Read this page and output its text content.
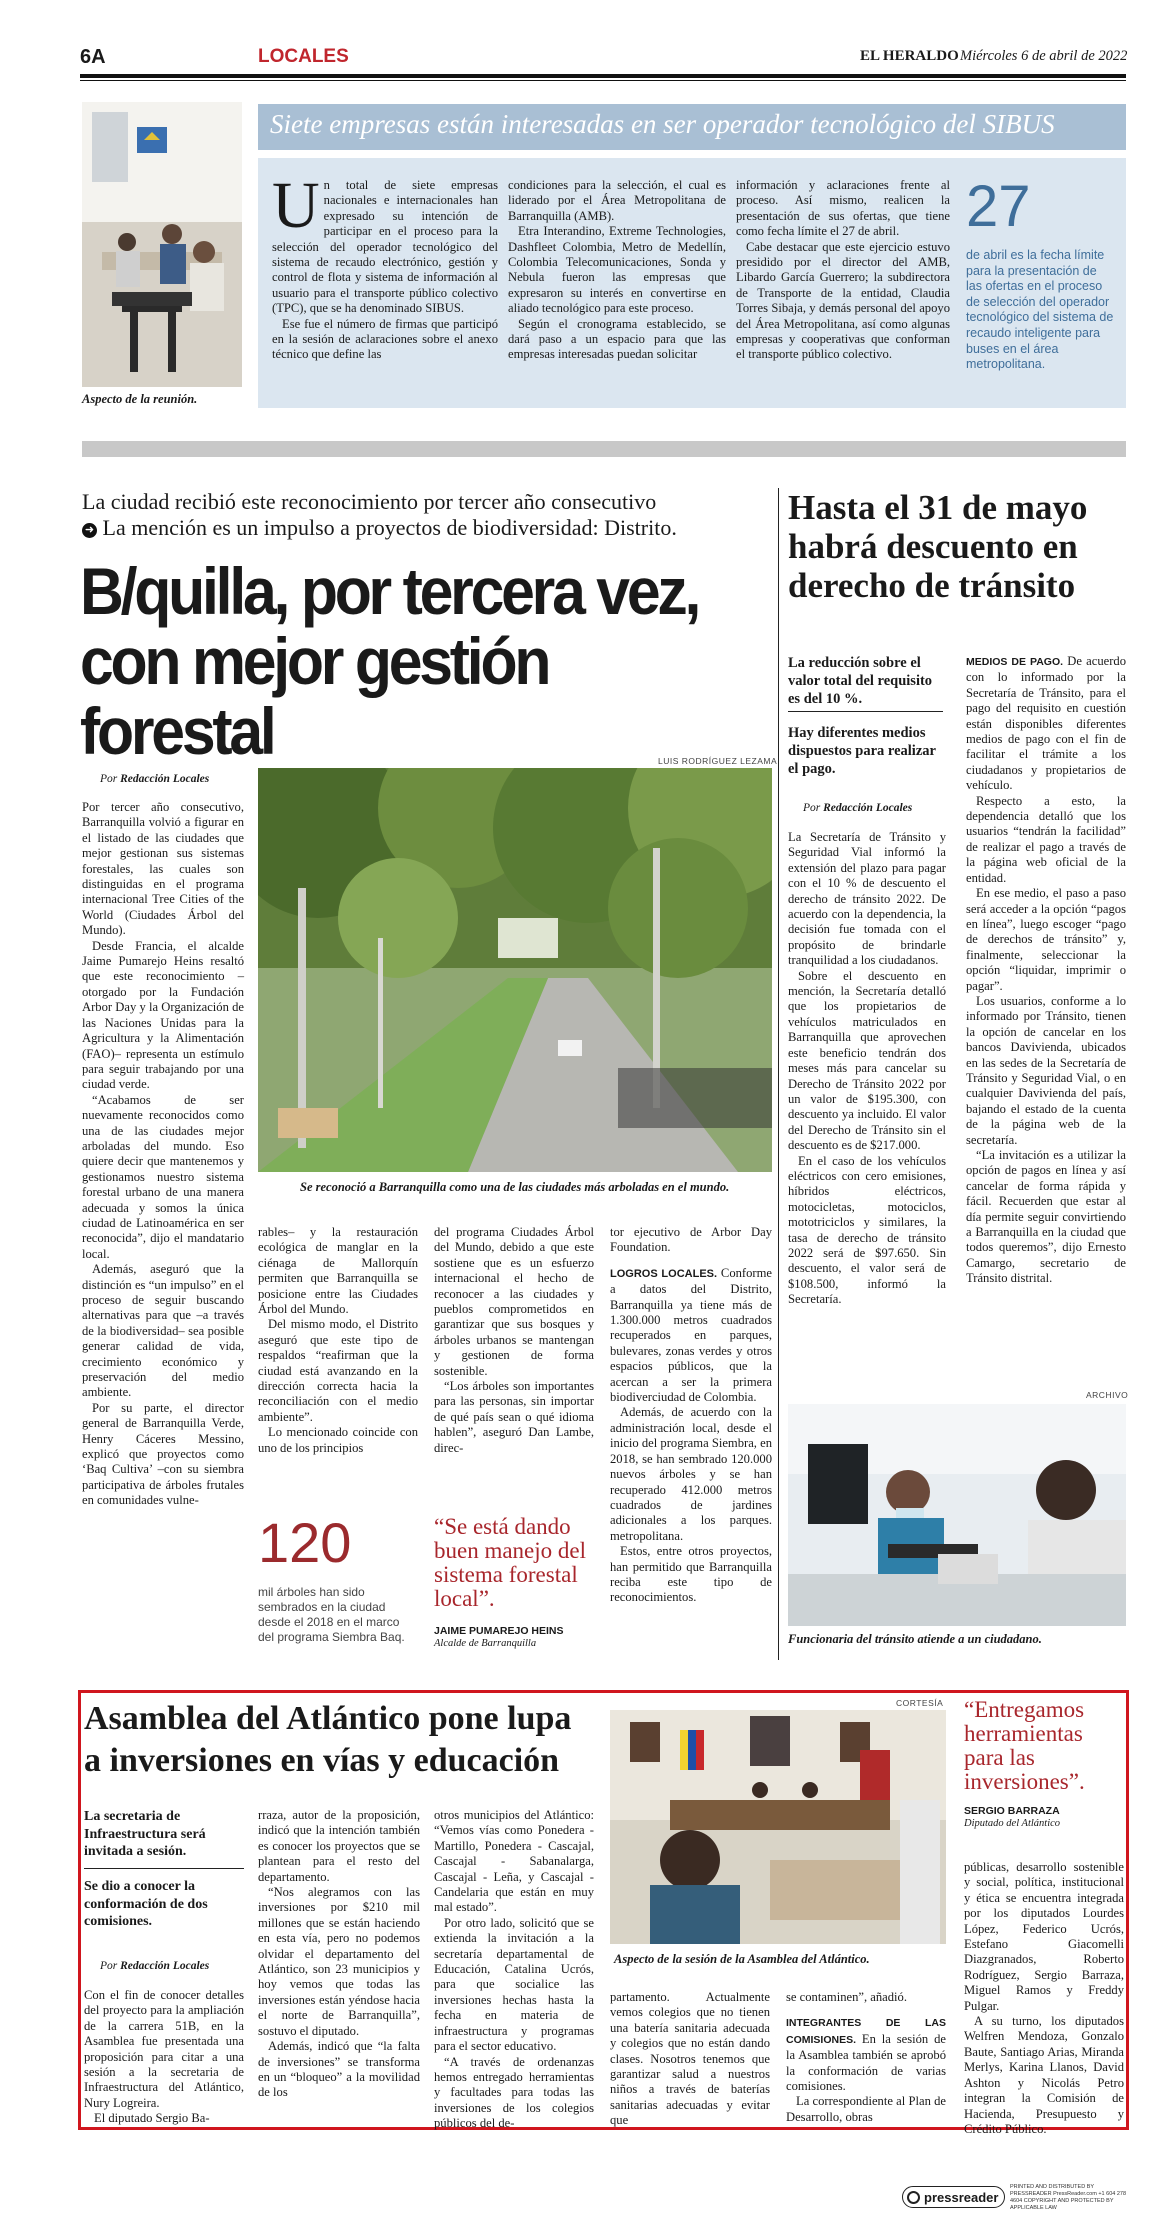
6A	LOCALES	EL HERALDO Miércoles 6 de abril de 2022
Aspecto de la reunión.
Siete empresas están interesadas en ser operador tecnológico del SIBUS
U n total de siete empresas nacionales e internacionales han expresado su intención de participar en el proceso para la selección del operador tecnológico del sistema de recaudo electrónico, gestión y control de flota y sistema de información al usuario para el transporte público colectivo (TPC), que se ha denominado SIBUS.

Ese fue el número de firmas que participó en la sesión de aclaraciones sobre el anexo técnico que define las

condiciones para la selección, el cual es liderado por el Área Metropolitana de Barranquilla (AMB).

Etra Interandino, Extreme Technologies, Dashfleet Colombia, Metro de Medellín, Colombia Telecomunicaciones, Sonda y Nebula fueron las empresas que expresaron su interés en convertirse en aliado tecnológico para este proceso.

Según el cronograma establecido, se dará paso a un espacio para que las empresas interesadas puedan solicitar

información y aclaraciones frente al proceso. Así mismo, realicen la presentación de sus ofertas, que tiene como fecha límite el 27 de abril.

Cabe destacar que este ejercicio estuvo presidido por el director del AMB, Libardo García Guerrero; la subdirectora de Transporte de la entidad, Claudia Torres Sibaja, y demás personal del apoyo del Área Metropolitana, así como algunas empresas y cooperativas que conforman el transporte público colectivo.

27
de abril es la fecha límite para la presentación de las ofertas en el proceso de selección del operador tecnológico del sistema de recaudo inteligente para buses en el área metropolitana.
La ciudad recibió este reconocimiento por tercer año consecutivo
➜ La mención es un impulso a proyectos de biodiversidad: Distrito.
B/quilla, por tercera vez, con mejor gestión forestal	LUIS RODRÍGUEZ LEZAMA
Se reconoció a Barranquilla como una de las ciudades más arboladas en el mundo.
Por Redacción Locales

Por tercer año consecutivo, Barranquilla volvió a figurar en el listado de las ciudades que mejor gestionan sus sistemas forestales, las cuales son distinguidas en el programa internacional Tree Cities of the World (Ciudades Árbol del Mundo).

Desde Francia, el alcalde Jaime Pumarejo Heins resaltó que este reconocimiento –otorgado por la Fundación Arbor Day y la Organización de las Naciones Unidas para la Agricultura y la Alimentación (FAO)– representa un estímulo para seguir trabajando por una ciudad verde.

“Acabamos de ser nuevamente reconocidos como una de las ciudades mejor arboladas del mundo. Eso quiere decir que mantenemos y gestionamos nuestro sistema forestal urbano de una manera adecuada y somos la única ciudad de Latinoamérica en ser reconocida”, dijo el mandatario local.

Además, aseguró que la distinción es “un impulso” en el proceso de seguir buscando alternativas para que –a través de la biodiversidad– sea posible generar calidad de vida, crecimiento económico y preservación del medio ambiente.

Por su parte, el director general de Barranquilla Verde, Henry Cáceres Messino, explicó que proyectos como ‘Baq Cultiva’ –con su siembra participativa de árboles frutales en comunidades vulne-

rables– y la restauración ecológica de manglar en la ciénaga de Mallorquín permiten que Barranquilla se posicione entre las Ciudades Árbol del Mundo.

Del mismo modo, el Distrito aseguró que este tipo de respaldos “reafirman que la ciudad está avanzando en la dirección correcta hacia la reconciliación con el medio ambiente”.

Lo mencionado coincide con uno de los principios

del programa Ciudades Árbol del Mundo, debido a que este sostiene que es un esfuerzo internacional el hecho de reconocer a las ciudades y pueblos comprometidos en garantizar que sus bosques y árboles urbanos se mantengan y gestionen de forma sostenible.

“Los árboles son importantes para las personas, sin importar de qué país sean o qué idioma hablen”, aseguró Dan Lambe, direc-

tor ejecutivo de Arbor Day Foundation.

LOGROS LOCALES. Conforme a datos del Distrito, Barranquilla ya tiene más de 1.300.000 metros cuadrados recuperados en parques, bulevares, zonas verdes y otros espacios públicos, que la acercan a ser la primera biodiverciudad de Colombia.

Además, de acuerdo con la administración local, desde el inicio del programa Siembra, en 2018, se han sembrado 120.000 nuevos árboles y se han recuperado 412.000 metros cuadrados de jardines adicionales a los parques. metropolitana.

Estos, entre otros proyectos, han permitido que Barranquilla reciba este tipo de reconocimientos.

120
mil árboles han sido sembrados en la ciudad desde el 2018 en el marco del programa Siembra Baq.
“Se está dando buen manejo del sistema forestal local”.
JAIME PUMAREJO HEINS
Alcalde de Barranquilla
Hasta el 31 de mayo habrá descuento en derecho de tránsito
La reducción sobre el valor total del requisito es del 10 %.
Hay diferentes medios dispuestos para realizar el pago.
Por Redacción Locales

La Secretaría de Tránsito y Seguridad Vial informó la extensión del plazo para pagar con el 10 % de descuento el derecho de tránsito 2022. De acuerdo con la dependencia, la decisión fue tomada con el propósito de brindarle tranquilidad a los ciudadanos.

Sobre el descuento en mención, la Secretaría detalló que los propietarios de vehículos matriculados en Barranquilla que aprovechen este beneficio tendrán dos meses más para cancelar su Derecho de Tránsito 2022 por un valor de $195.300, con descuento ya incluido. El valor del Derecho de Tránsito sin el descuento es de $217.000.

En el caso de los vehículos eléctricos con cero emisiones, híbridos eléctricos, motocicletas, motociclos, mototriciclos y similares, la tasa de derecho de tránsito 2022 será de $97.650. Sin descuento, el valor será de $108.500, informó la Secretaría.

MEDIOS DE PAGO. De acuerdo con lo informado por la Secretaría de Tránsito, para el pago del requisito en cuestión están disponibles diferentes medios de pago con el fin de facilitar el trámite a los ciudadanos y propietarios de vehículo.

Respecto a esto, la dependencia detalló que los usuarios “tendrán la facilidad” de realizar el pago a través de la página web oficial de la entidad.

En ese medio, el paso a paso será acceder a la opción “pagos en línea”, luego escoger “pago de derechos de tránsito” y, finalmente, seleccionar la opción “liquidar, imprimir o pagar”.

Los usuarios, conforme a lo informado por Tránsito, tienen la opción de cancelar en los bancos Davivienda, ubicados en las sedes de la Secretaría de Tránsito y Seguridad Vial, o en cualquier Davivienda del país, bajando el estado de la cuenta de la página web de la secretaría.

“La invitación es a utilizar la opción de pagos en línea y así cancelar de forma rápida y fácil. Recuerden que estar al día permite seguir convirtiendo a Barranquilla en la ciudad que todos queremos”, dijo Ernesto Camargo, secretario de Tránsito distrital.

ARCHIVO
Funcionaria del tránsito atiende a un ciudadano.
Asamblea del Atlántico pone lupa a inversiones en vías y educación
La secretaria de Infraestructura será invitada a sesión.
Se dio a conocer la conformación de dos comisiones.
Por Redacción Locales

Con el fin de conocer detalles del proyecto para la ampliación de la carrera 51B, en la Asamblea fue presentada una proposición para citar a una sesión a la secretaria de Infraestructura del Atlántico, Nury Logreira.

El diputado Sergio Ba-

rraza, autor de la proposición, indicó que la intención también es conocer los proyectos que se plantean para el resto del departamento.

“Nos alegramos con las inversiones por $210 mil millones que se están haciendo en esta vía, pero no podemos olvidar el departamento del Atlántico, son 23 municipios y hoy vemos que todas las inversiones están yéndose hacia el norte de Barranquilla”, sostuvo el diputado.

Además, indicó que “la falta de inversiones” se transforma en un “bloqueo” a la movilidad de los

otros municipios del Atlántico: “Vemos vías como Ponedera - Martillo, Ponedera - Cascajal, Cascajal - Sabanalarga, Cascajal - Leña, y Cascajal - Candelaria que están en muy mal estado”.

Por otro lado, solicitó que se extienda la invitación a la secretaría departamental de Educación, Catalina Ucrós, para que socialice las inversiones hechas hasta la fecha en materia de infraestructura y programas para el sector educativo.

“A través de ordenanzas hemos entregado herramientas y facultades para todas las inversiones de los colegios públicos del de-

CORTESÍA
Aspecto de la sesión de la Asamblea del Atlántico.

partamento. Actualmente vemos colegios que no tienen una batería sanitaria adecuada y colegios que no están dando clases. Nosotros tenemos que garantizar salud a nuestros niños a través de baterías sanitarias adecuadas y evitar que

se contaminen”, añadió.

INTEGRANTES DE LAS COMISIONES. En la sesión de la Asamblea también se aprobó la conformación de varias comisiones.

La correspondiente al Plan de Desarrollo, obras

“Entregamos herramientas para las inversiones”.
SERGIO BARRAZA
Diputado del Atlántico

públicas, desarrollo sostenible y social, política, institucional y ética se encuentra integrada por los diputados Lourdes López, Federico Ucrós, Estefano Giacomelli Diazgranados, Roberto Rodríguez, Sergio Barraza, Miguel Ramos y Freddy Pulgar.

A su turno, los diputados Welfren Mendoza, Gonzalo Baute, Santiago Arias, Miranda Merlys, Karina Llanos, David Ashton y Nicolás Petro integran la Comisión de Hacienda, Presupuesto y Crédito Público.

pressreader
PRINTED AND DISTRIBUTED BY PRESSREADER PressReader.com +1 604 278 4604 COPYRIGHT AND PROTECTED BY APPLICABLE LAW
